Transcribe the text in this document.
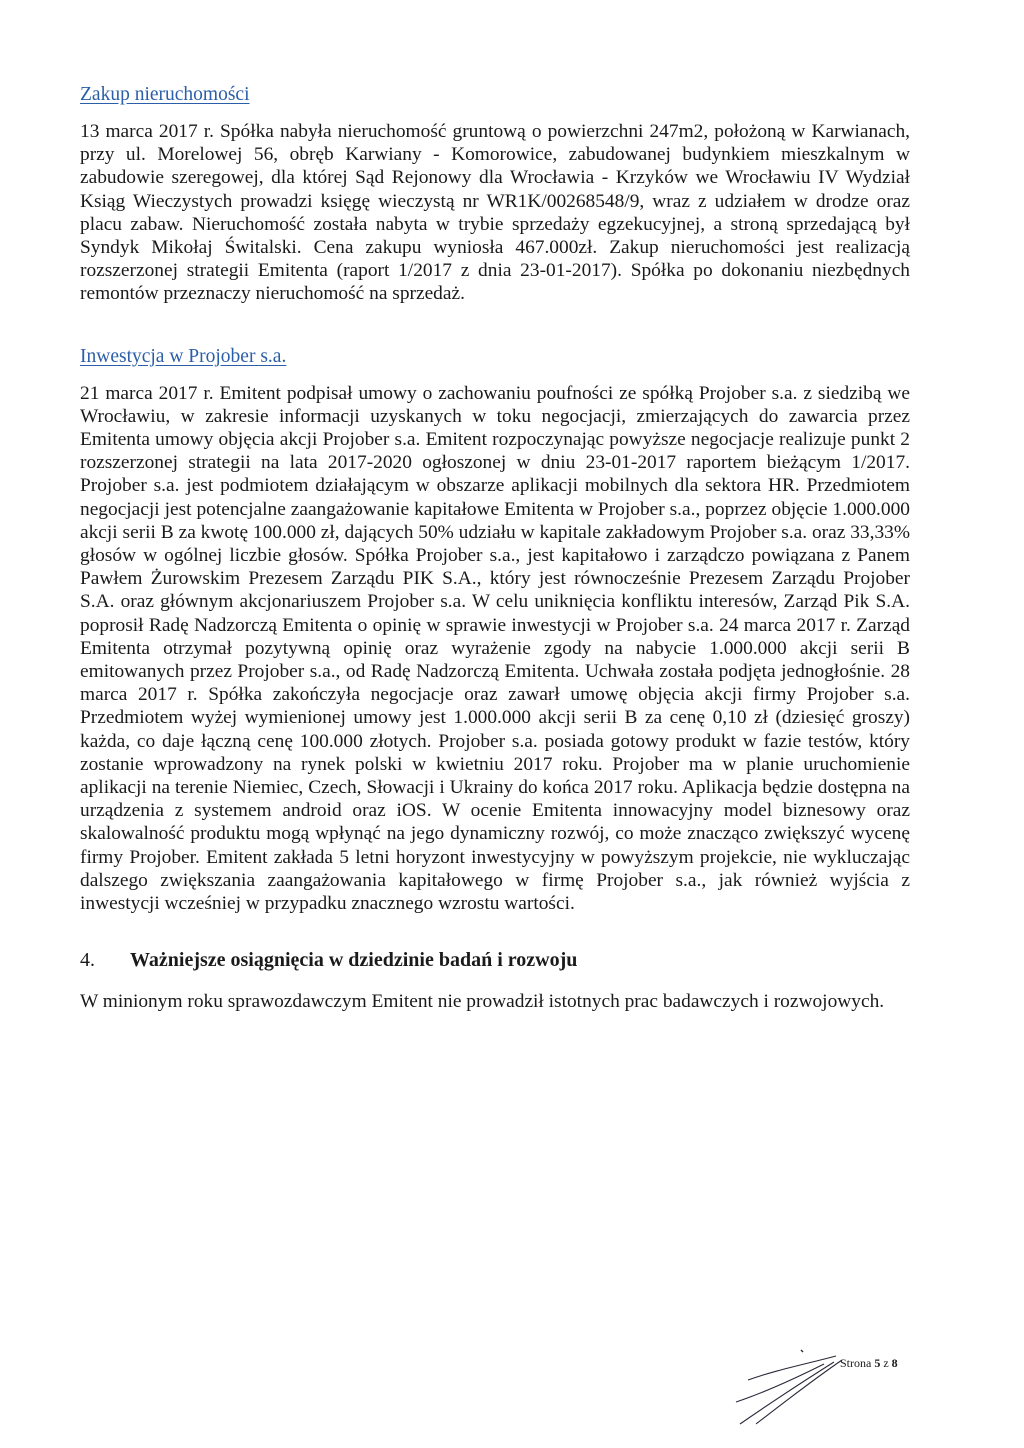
Zakup nieruchomości

13 marca 2017 r. Spółka nabyła nieruchomość gruntową o powierzchni 247m2, położoną w Karwianach, przy ul. Morelowej 56, obręb Karwiany - Komorowice, zabudowanej budynkiem mieszkalnym w zabudowie szeregowej, dla której Sąd Rejonowy dla Wrocławia - Krzyków we Wrocławiu IV Wydział Ksiąg Wieczystych prowadzi księgę wieczystą nr WR1K/00268548/9, wraz z udziałem w drodze oraz placu zabaw. Nieruchomość została nabyta w trybie sprzedaży egzekucyjnej, a stroną sprzedającą był Syndyk Mikołaj Świtalski. Cena zakupu wyniosła 467.000zł. Zakup nieruchomości jest realizacją rozszerzonej strategii Emitenta (raport 1/2017 z dnia 23-01-2017). Spółka po dokonaniu niezbędnych remontów przeznaczy nieruchomość na sprzedaż.

Inwestycja w Projober s.a.

21 marca 2017 r. Emitent podpisał umowy o zachowaniu poufności ze spółką Projober s.a. z siedzibą we Wrocławiu, w zakresie informacji uzyskanych w toku negocjacji, zmierzających do zawarcia przez Emitenta umowy objęcia akcji Projober s.a. Emitent rozpoczynając powyższe negocjacje realizuje punkt 2 rozszerzonej strategii na lata 2017-2020 ogłoszonej w dniu 23-01-2017 raportem bieżącym 1/2017. Projober s.a. jest podmiotem działającym w obszarze aplikacji mobilnych dla sektora HR. Przedmiotem negocjacji jest potencjalne zaangażowanie kapitałowe Emitenta w Projober s.a., poprzez objęcie 1.000.000 akcji serii B za kwotę 100.000 zł, dających 50% udziału w kapitale zakładowym Projober s.a. oraz 33,33% głosów w ogólnej liczbie głosów. Spółka Projober s.a., jest kapitałowo i zarządczo powiązana z Panem Pawłem Żurowskim Prezesem Zarządu PIK S.A., który jest równocześnie Prezesem Zarządu Projober S.A. oraz głównym akcjonariuszem Projober s.a. W celu uniknięcia konfliktu interesów, Zarząd Pik S.A. poprosił Radę Nadzorczą Emitenta o opinię w sprawie inwestycji w Projober s.a. 24 marca 2017 r. Zarząd Emitenta otrzymał pozytywną opinię oraz wyrażenie zgody na nabycie 1.000.000 akcji serii B emitowanych przez Projober s.a., od Radę Nadzorczą Emitenta. Uchwała została podjęta jednogłośnie. 28 marca 2017 r. Spółka zakończyła negocjacje oraz zawarł umowę objęcia akcji firmy Projober s.a. Przedmiotem wyżej wymienionej umowy jest 1.000.000 akcji serii B za cenę 0,10 zł (dziesięć groszy) każda, co daje łączną cenę 100.000 złotych. Projober s.a. posiada gotowy produkt w fazie testów, który zostanie wprowadzony na rynek polski w kwietniu 2017 roku. Projober ma w planie uruchomienie aplikacji na terenie Niemiec, Czech, Słowacji i Ukrainy do końca 2017 roku. Aplikacja będzie dostępna na urządzenia z systemem android oraz iOS. W ocenie Emitenta innowacyjny model biznesowy oraz skalowalność produktu mogą wpłynąć na jego dynamiczny rozwój, co może znacząco zwiększyć wycenę firmy Projober. Emitent zakłada 5 letni horyzont inwestycyjny w powyższym projekcie, nie wykluczając dalszego zwiększania zaangażowania kapitałowego w firmę Projober s.a., jak również wyjścia z inwestycji wcześniej w przypadku znacznego wzrostu wartości.

4.	Ważniejsze osiągnięcia w dziedzinie badań i rozwoju

W minionym roku sprawozdawczym Emitent nie prowadził istotnych prac badawczych i rozwojowych.

Strona 5 z 8
